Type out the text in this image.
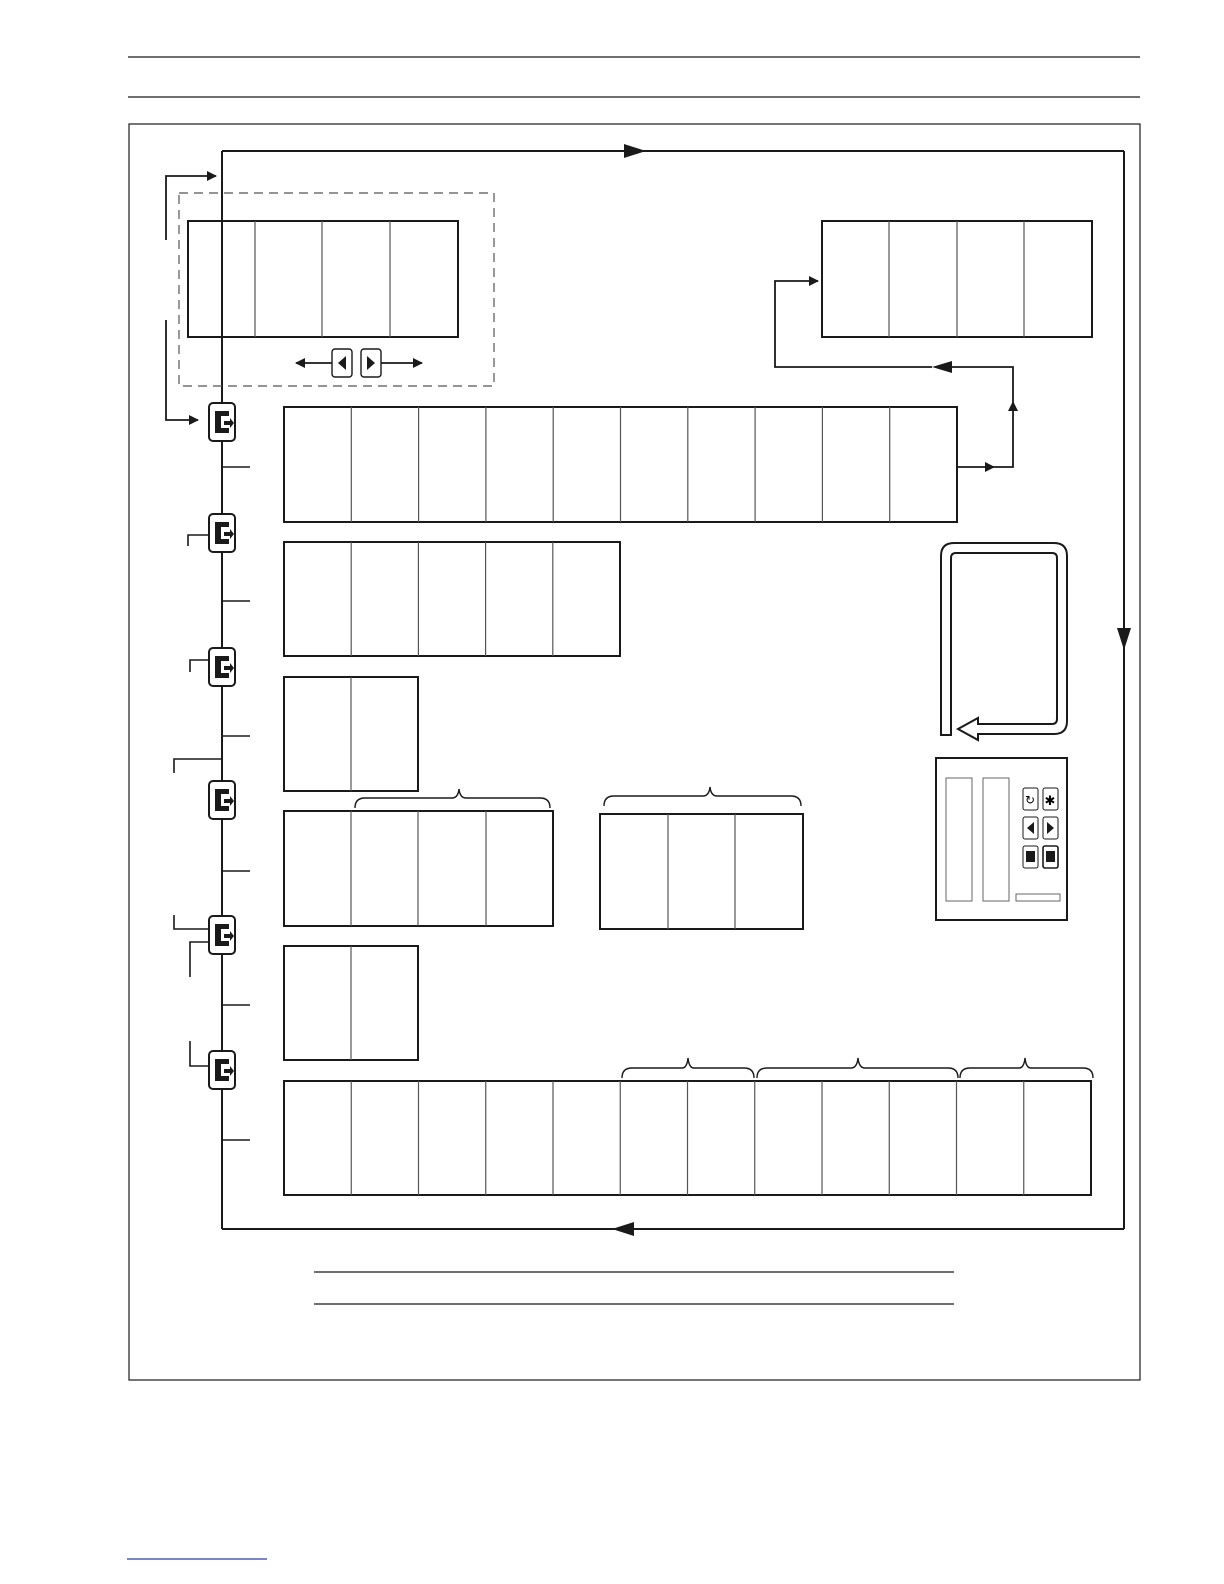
↻ ✱
